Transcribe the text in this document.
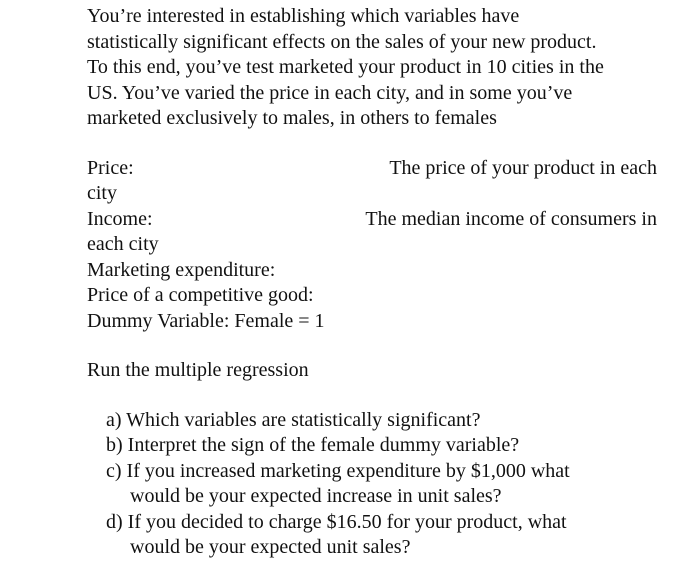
You’re interested in establishing which variables have
statistically significant effects on the sales of your new product.
To this end, you’ve test marketed your product in 10 cities in the
US. You’ve varied the price in each city, and in some you’ve
marketed exclusively to males, in others to females
Price:	The price of your product in each
city
Income:	The median income of consumers in
each city
Marketing expenditure:
Price of a competitive good:
Dummy Variable: Female = 1
Run the multiple regression
a) Which variables are statistically significant?
b) Interpret the sign of the female dummy variable?
c) If you increased marketing expenditure by $1,000 what
would be your expected increase in unit sales?
d) If you decided to charge $16.50 for your product, what
would be your expected unit sales?
